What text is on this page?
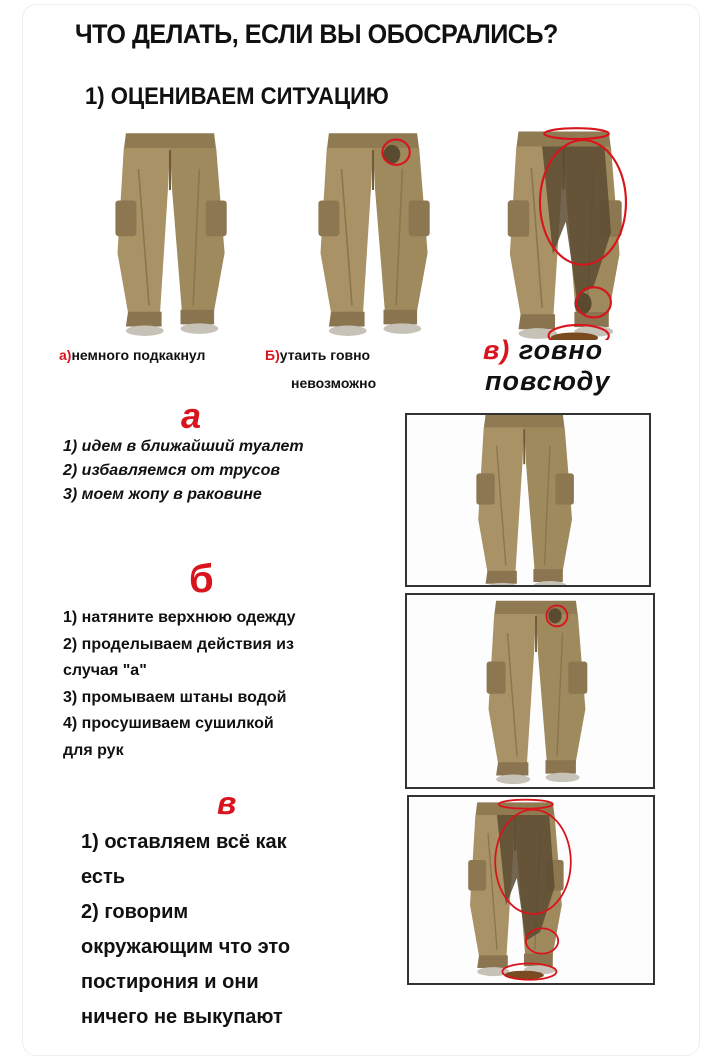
ЧТО ДЕЛАТЬ, ЕСЛИ ВЫ ОБОСРАЛИСЬ?
1) ОЦЕНИВАЕМ СИТУАЦИЮ
а)немного подкакнул	Б)утаить говно
невозможно
в) говно
повсюду
а
1) идем в ближайший туалет
2) избавляемся от трусов
3) моем жопу в раковине
б
1) натяните верхнюю одежду
2) проделываем действия из
случая "а"
3) промываем штаны водой
4) просушиваем сушилкой
для рук
в
1) оставляем всё как
есть
2) говорим
окружающим что это
постирония и они
ничего не выкупают
